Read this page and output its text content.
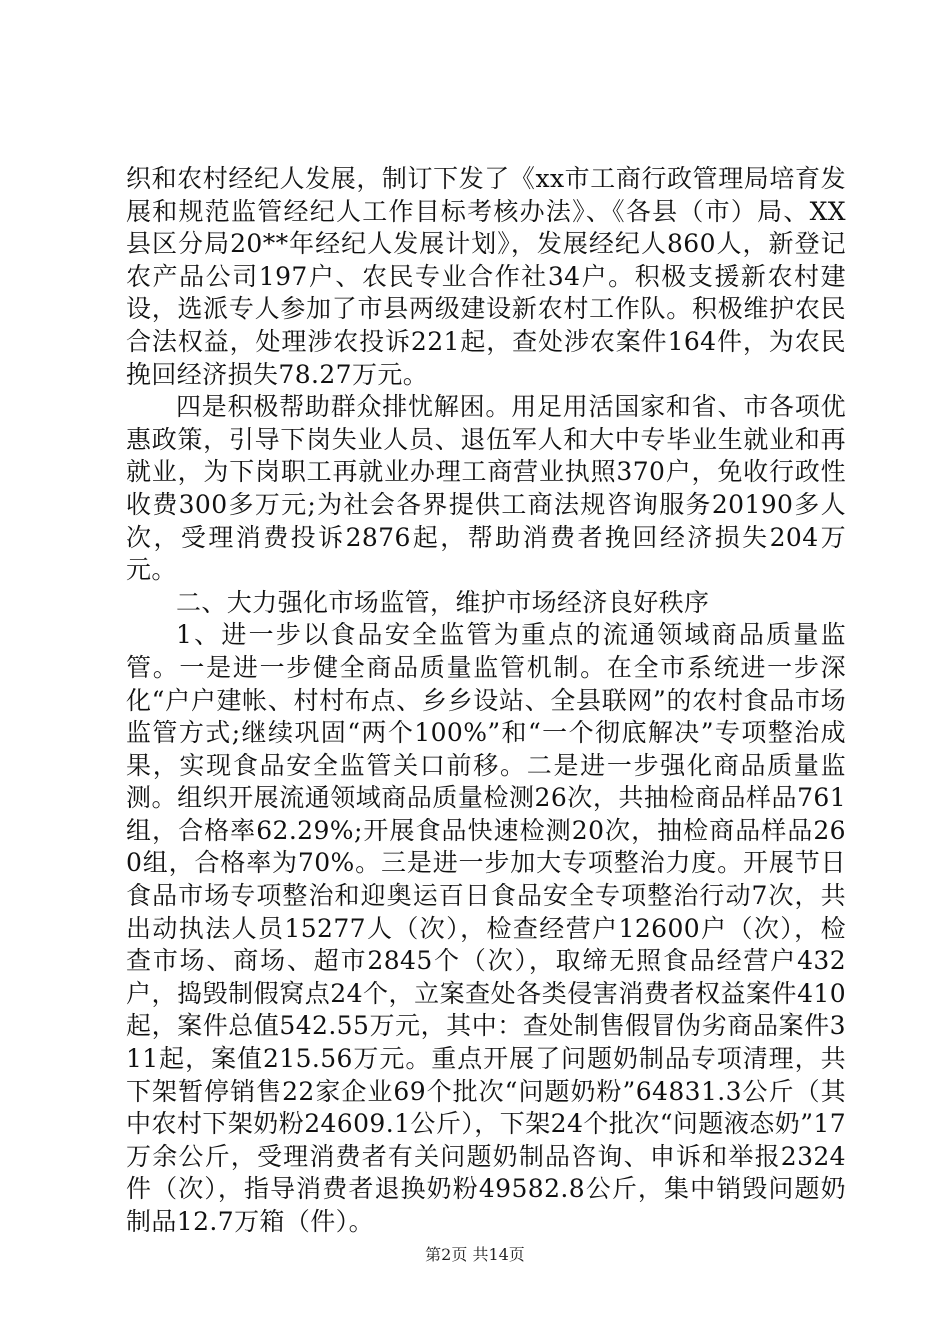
织和农村经纪人发展，制订下发了《xx市工商行政管理局培育发展和规范监管经纪人工作目标考核办法》、《各县（市）局、XX县区分局20**年经纪人发展计划》，发展经纪人860人，新登记农产品公司197户、农民专业合作社34户。积极支援新农村建设，选派专人参加了市县两级建设新农村工作队。积极维护农民合法权益，处理涉农投诉221起，查处涉农案件164件，为农民挽回经济损失78.27万元。

四是积极帮助群众排忧解困。用足用活国家和省、市各项优惠政策，引导下岗失业人员、退伍军人和大中专毕业生就业和再就业，为下岗职工再就业办理工商营业执照370户，免收行政性收费300多万元;为社会各界提供工商法规咨询服务20190多人次，受理消费投诉2876起，帮助消费者挽回经济损失204万元。

二、大力强化市场监管，维护市场经济良好秩序

1、进一步以食品安全监管为重点的流通领域商品质量监管。一是进一步健全商品质量监管机制。在全市系统进一步深化“户户建帐、村村布点、乡乡设站、全县联网”的农村食品市场监管方式;继续巩固“两个100%”和“一个彻底解决”专项整治成果，实现食品安全监管关口前移。二是进一步强化商品质量监测。组织开展流通领域商品质量检测26次，共抽检商品样品761组，合格率62.29%;开展食品快速检测20次，抽检商品样品260组，合格率为70%。三是进一步加大专项整治力度。开展节日食品市场专项整治和迎奥运百日食品安全专项整治行动7次，共出动执法人员15277人（次），检查经营户12600户（次），检查市场、商场、超市2845个（次），取缔无照食品经营户432户，捣毁制假窝点24个，立案查处各类侵害消费者权益案件410起，案件总值542.55万元，其中：查处制售假冒伪劣商品案件311起，案值215.56万元。重点开展了问题奶制品专项清理，共下架暂停销售22家企业69个批次“问题奶粉”64831.3公斤（其中农村下架奶粉24609.1公斤），下架24个批次“问题液态奶”17万余公斤，受理消费者有关问题奶制品咨询、申诉和举报2324件（次），指导消费者退换奶粉49582.8公斤，集中销毁问题奶制品12.7万箱（件）。

第2页 共14页
